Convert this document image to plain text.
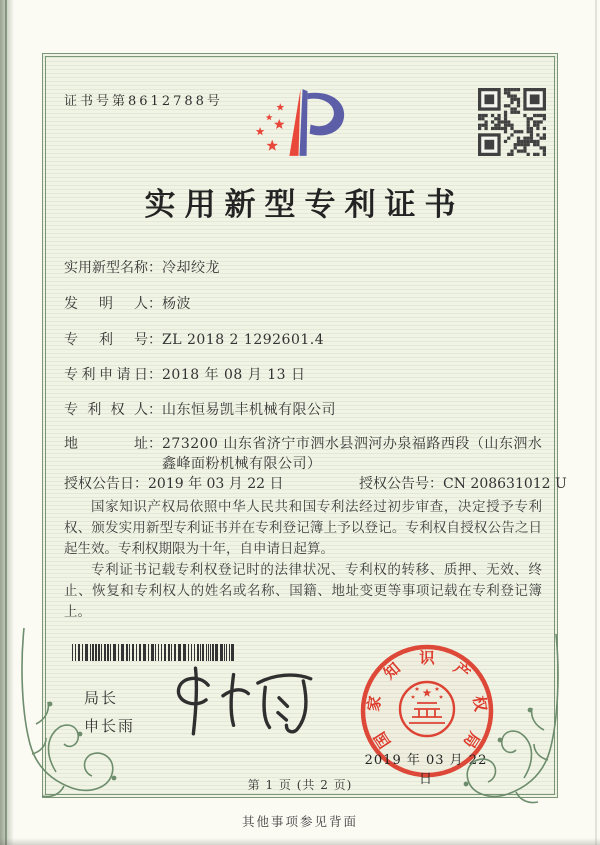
证书号第8612788号
实用新型专利证书
实用新型名称：冷却绞龙
发明人：杨波
专利号：ZL 2018 2 1292601.4
专利申请日：2018 年 08 月 13 日
专利权人：山东恒易凯丰机械有限公司
地址：273200 山东省济宁市泗水县泗河办泉福路西段（山东泗水鑫峰面粉机械有限公司）
授权公告日：2019 年 03 月 22 日	授权公告号：CN 208631012 U

国家知识产权局依照中华人民共和国专利法经过初步审查，决定授予专利权、颁发实用新型专利证书并在专利登记簿上予以登记。专利权自授权公告之日起生效。专利权期限为十年，自申请日起算。

专利证书记载专利权登记时的法律状况、专利权的转移、质押、无效、终止、恢复和专利权人的姓名或名称、国籍、地址变更等事项记载在专利登记簿上。

局长
申长雨
国
家
知
识
产
权
局
2019 年 03 月 22 日
第 1 页 (共 2 页)
其他事项参见背面
